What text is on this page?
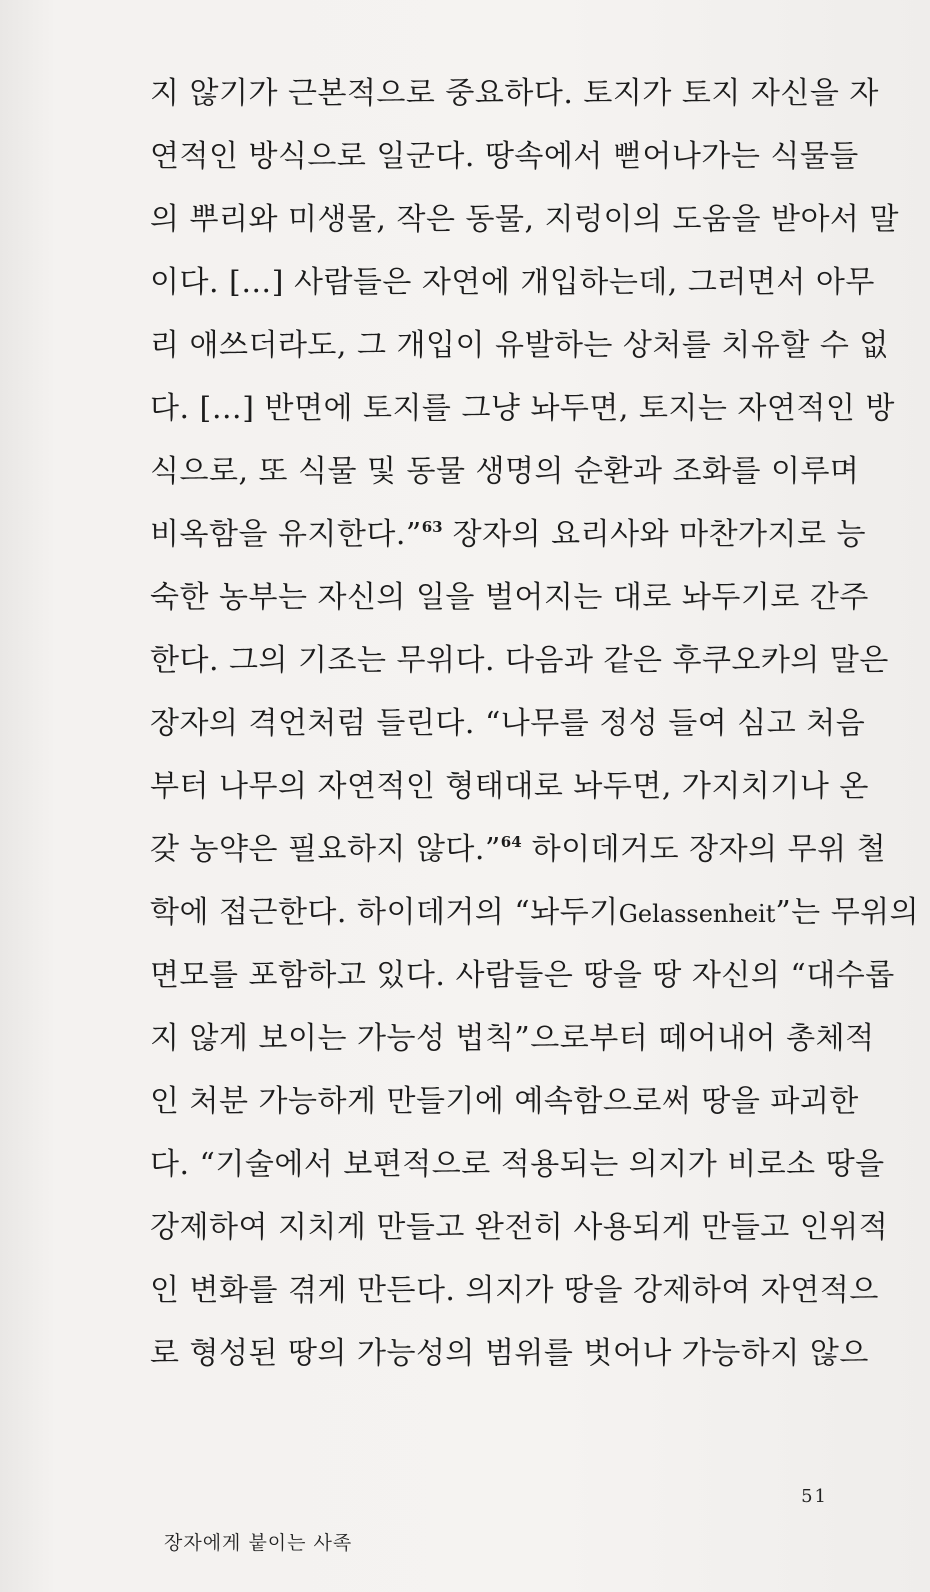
지 않기가 근본적으로 중요하다. 토지가 토지 자신을 자
연적인 방식으로 일군다. 땅속에서 뻗어나가는 식물들
의 뿌리와 미생물, 작은 동물, 지렁이의 도움을 받아서 말
이다. […] 사람들은 자연에 개입하는데, 그러면서 아무
리 애쓰더라도, 그 개입이 유발하는 상처를 치유할 수 없
다. […] 반면에 토지를 그냥 놔두면, 토지는 자연적인 방
식으로, 또 식물 및 동물 생명의 순환과 조화를 이루며
비옥함을 유지한다.”$^{63}$ 장자의 요리사와 마찬가지로 능
숙한 농부는 자신의 일을 벌어지는 대로 놔두기로 간주
한다. 그의 기조는 무위다. 다음과 같은 후쿠오카의 말은
장자의 격언처럼 들린다. “나무를 정성 들여 심고 처음
부터 나무의 자연적인 형태대로 놔두면, 가지치기나 온
갖 농약은 필요하지 않다.”$^{64}$ 하이데거도 장자의 무위 철
학에 접근한다. 하이데거의 “놔두기Gelassenheit”는 무위의
면모를 포함하고 있다. 사람들은 땅을 땅 자신의 “대수롭
지 않게 보이는 가능성 법칙”으로부터 떼어내어 총체적
인 처분 가능하게 만들기에 예속함으로써 땅을 파괴한
다. “기술에서 보편적으로 적용되는 의지가 비로소 땅을
강제하여 지치게 만들고 완전히 사용되게 만들고 인위적
인 변화를 겪게 만든다. 의지가 땅을 강제하여 자연적으
로 형성된 땅의 가능성의 범위를 벗어나 가능하지 않으
51
장자에게 붙이는 사족
